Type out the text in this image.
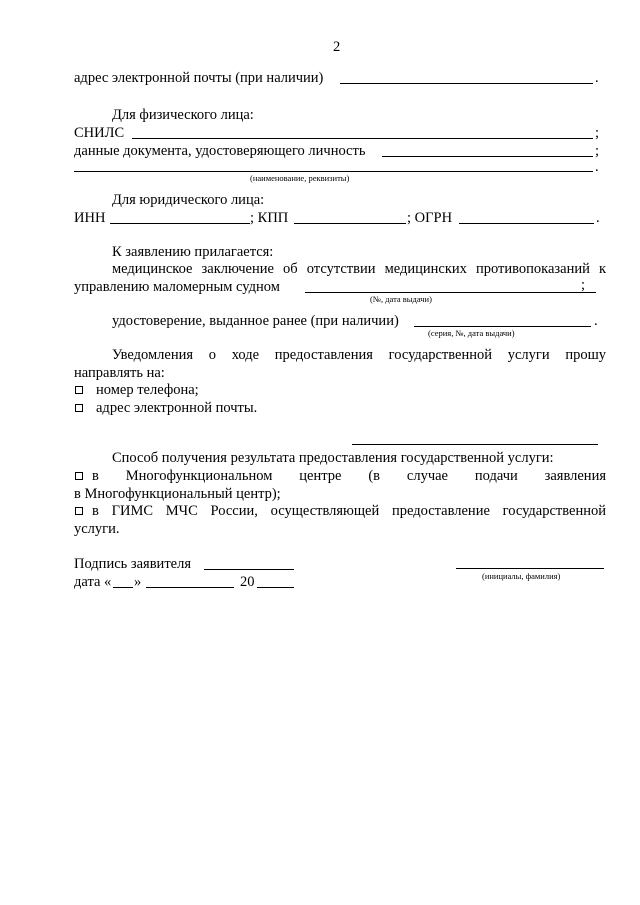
2
адрес электронной почты (при наличии)	.
Для физического лица:
СНИЛС	;
данные документа, удостоверяющего личность	;
.
(наименование, реквизиты)
Для юридического лица:
ИНН	; КПП	; ОГРН	.
К заявлению прилагается:
медицинское заключение об отсутствии медицинских противопоказаний к
управлению маломерным судном	;
(№, дата выдачи)
удостоверение, выданное ранее (при наличии)	.
(серия, №, дата выдачи)
Уведомления о ходе предоставления государственной услуги прошу
направлять на:
номер телефона;
адрес электронной почты.
Способ получения результата предоставления государственной услуги:
в Многофункциональном центре (в случае подачи заявления
в Многофункциональный центр);
в ГИМС МЧС России, осуществляющей предоставление государственной
услуги.
Подпись заявителя
дата « »	20	(инициалы, фамилия)
